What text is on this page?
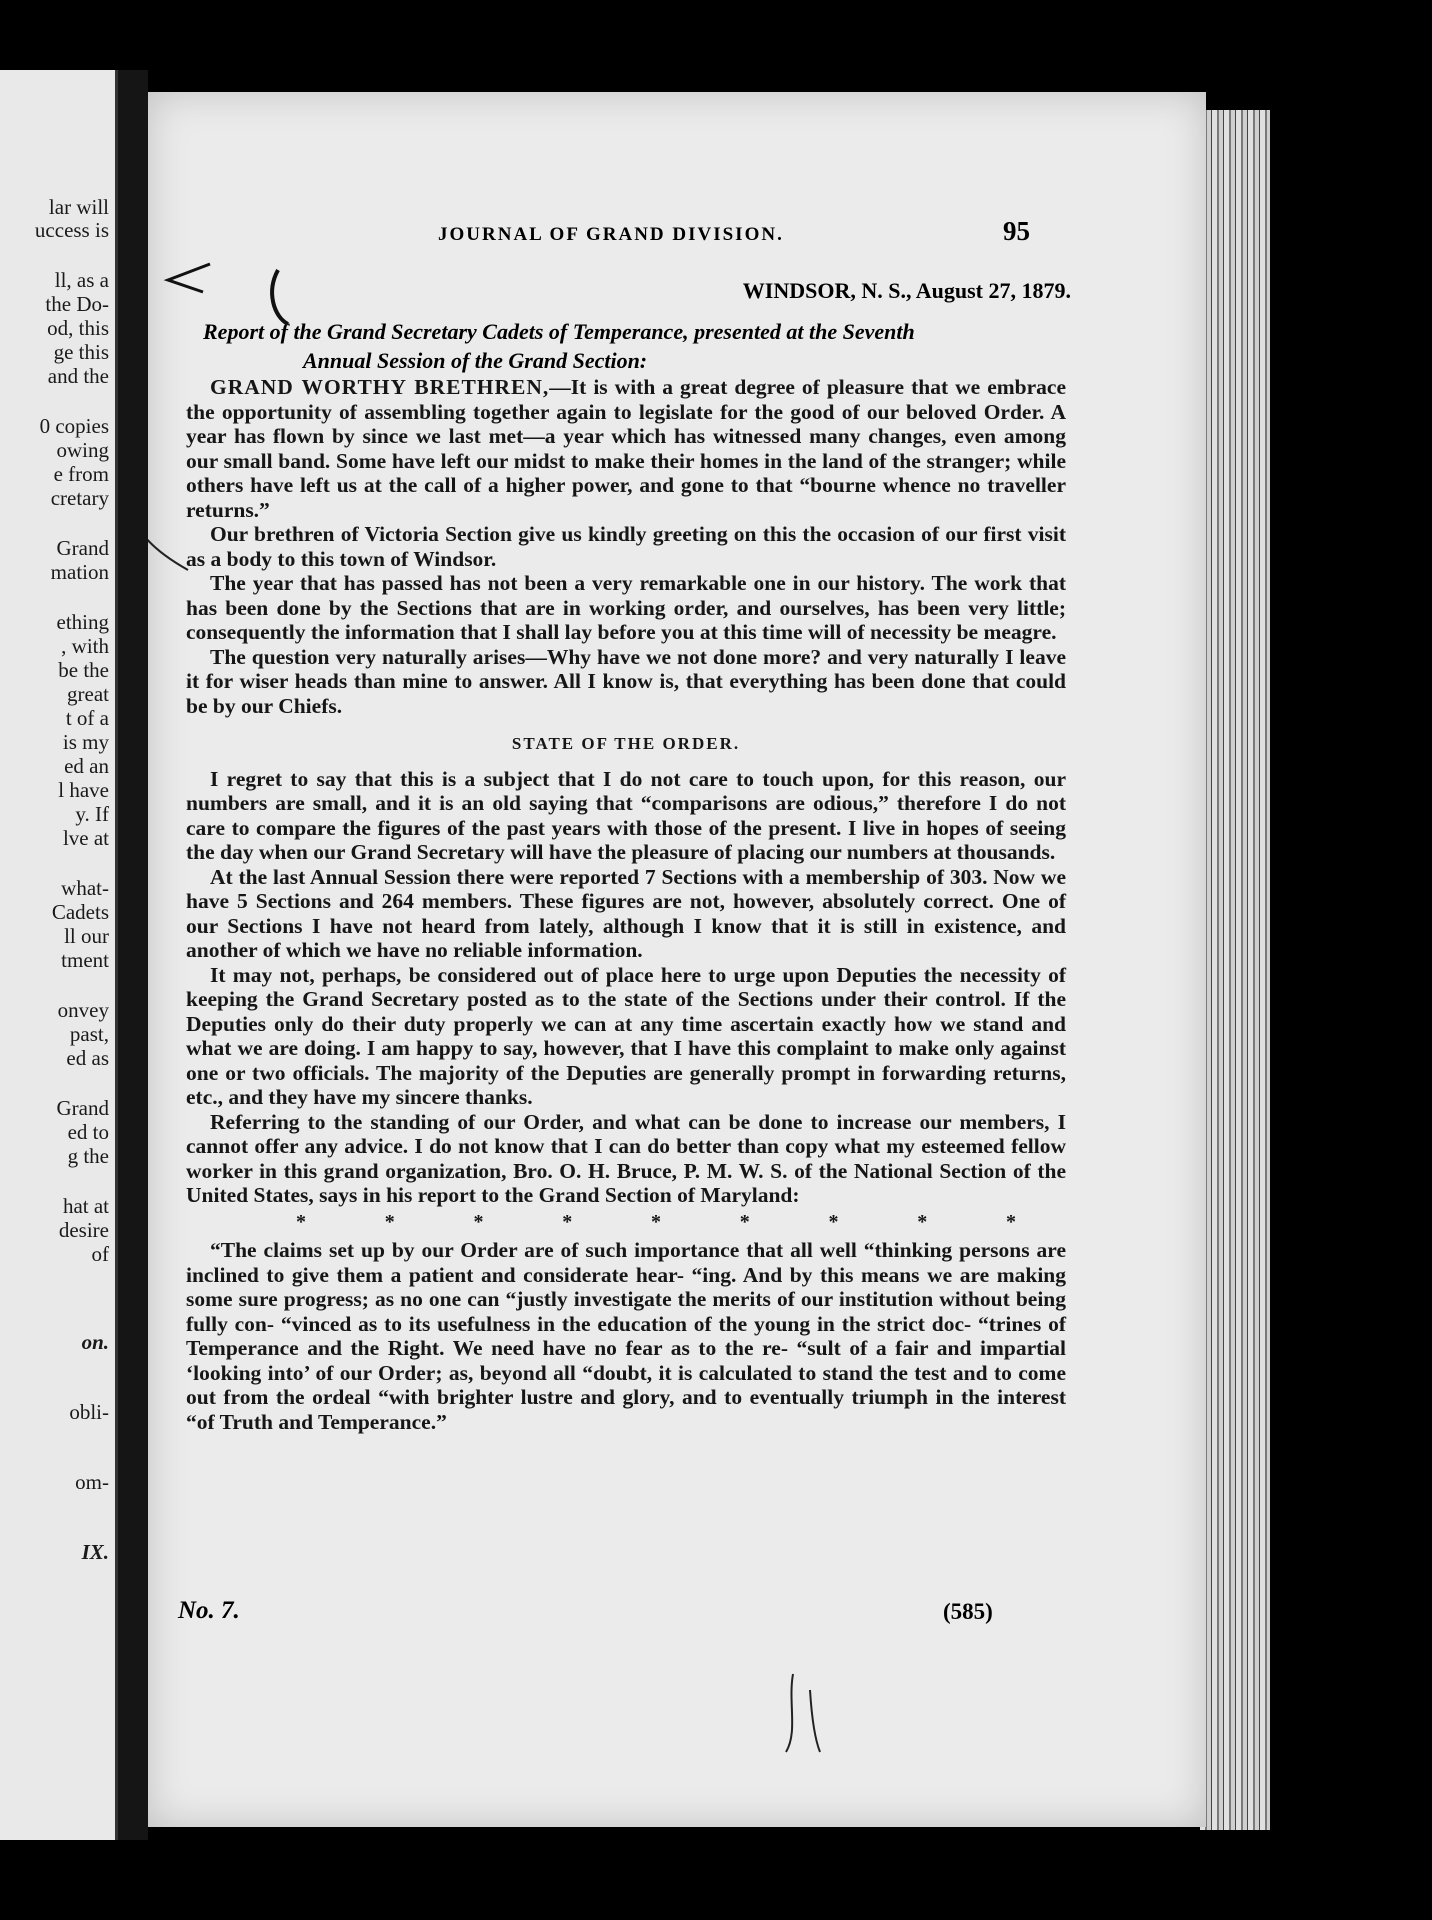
lar will
uccess is
ll, as a
the Do-
od, this
ge this
and the
0 copies
owing
e from
cretary
Grand
mation
ething
, with
be the
great
t of a
is my
ed an
l have
y. If
lve at
what-
Cadets
ll our
tment
onvey
past,
ed as
Grand
ed to
g the
hat at
desire
of
on.
obli-
om-
IX.
JOURNAL OF GRAND DIVISION.	95
WINDSOR, N. S., August 27, 1879.
Report of the Grand Secretary Cadets of Temperance, presented at the Seventh
Annual Session of the Grand Section:

GRAND WORTHY BRETHREN,—It is with a great degree of pleasure that we embrace the opportunity of assembling together again to legislate for the good of our beloved Order. A year has flown by since we last met—a year which has witnessed many changes, even among our small band. Some have left our midst to make their homes in the land of the stranger; while others have left us at the call of a higher power, and gone to that “bourne whence no traveller returns.”

Our brethren of Victoria Section give us kindly greeting on this the occasion of our first visit as a body to this town of Windsor.

The year that has passed has not been a very remarkable one in our history. The work that has been done by the Sections that are in working order, and ourselves, has been very little; consequently the information that I shall lay before you at this time will of necessity be meagre.

The question very naturally arises—Why have we not done more? and very naturally I leave it for wiser heads than mine to answer. All I know is, that everything has been done that could be by our Chiefs.

STATE OF THE ORDER.

I regret to say that this is a subject that I do not care to touch upon, for this reason, our numbers are small, and it is an old saying that “comparisons are odious,” therefore I do not care to compare the figures of the past years with those of the present. I live in hopes of seeing the day when our Grand Secretary will have the pleasure of placing our numbers at thousands.

At the last Annual Session there were reported 7 Sections with a membership of 303. Now we have 5 Sections and 264 members. These figures are not, however, absolutely correct. One of our Sections I have not heard from lately, although I know that it is still in existence, and another of which we have no reliable information.

It may not, perhaps, be considered out of place here to urge upon Deputies the necessity of keeping the Grand Secretary posted as to the state of the Sections under their control. If the Deputies only do their duty properly we can at any time ascertain exactly how we stand and what we are doing. I am happy to say, however, that I have this complaint to make only against one or two officials. The majority of the Deputies are generally prompt in forwarding returns, etc., and they have my sincere thanks.

Referring to the standing of our Order, and what can be done to increase our members, I cannot offer any advice. I do not know that I can do better than copy what my esteemed fellow worker in this grand organization, Bro. O. H. Bruce, P. M. W. S. of the National Section of the United States, says in his report to the Grand Section of Maryland:

* * * * * * * * *

“The claims set up by our Order are of such importance that all well “thinking persons are inclined to give them a patient and considerate hear- “ing. And by this means we are making some sure progress; as no one can “justly investigate the merits of our institution without being fully con- “vinced as to its usefulness in the education of the young in the strict doc- “trines of Temperance and the Right. We need have no fear as to the re- “sult of a fair and impartial ‘looking into’ of our Order; as, beyond all “doubt, it is calculated to stand the test and to come out from the ordeal “with brighter lustre and glory, and to eventually triumph in the interest “of Truth and Temperance.”

No. 7.	(585)
